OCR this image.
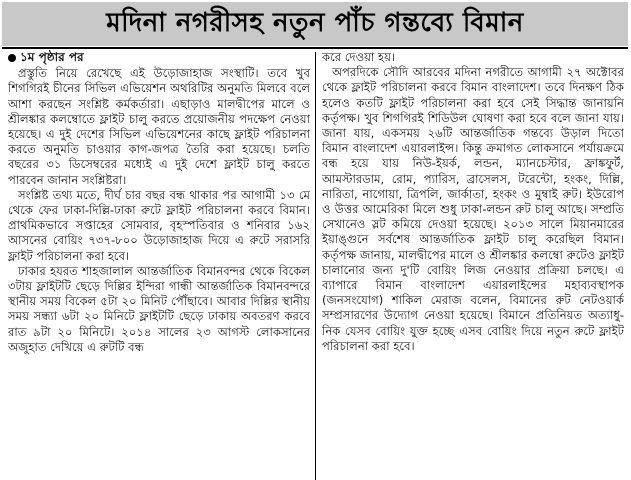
মদিনা নগরীসহ নতুন পাঁচ গন্তব্যে বিমান
১ম পৃষ্ঠার পর

প্রস্তুতি নিয়ে রেখেছে এই উড়োজাহাজ সংস্থাটি। তবে খুব শিগগিরই চীনের সিভিল এভিয়েশন অথরিটির অনুমতি মিলবে বলে আশা করছেন সংশ্লিষ্ট কর্মকর্তারা। এছাড়াও মালদ্বীপের মালে ও শ্রীলঙ্কার কলম্বোতে ফ্লাইট চালু করতে প্রয়োজনীয় পদক্ষেপ নেওয়া হয়েছে। এ দুই দেশের সিভিল এভিয়েশনের কাছে ফ্লাইট পরিচালনা করতে অনুমতি চাওয়ার কাগ-জপত্র তৈরি করা হয়েছে। চলতি বছরের ৩১ ডিসেম্বরের মধ্যেই এ দুই দেশে ফ্লাইট চালু করতে পারবেন জানান সংশ্লিষ্টরা।

সংশ্লিষ্ট তথ্য মতে, দীর্ঘ চার বছর বন্ধ থাকার পর আগামী ১৩ মে থেকে ফের ঢাকা-দিল্লি-ঢাকা রুটে ফ্লাইট পরিচালনা করবে বিমান। প্রাথমিকভাবে সপ্তাহের সোমবার, বৃহস্পতিবার ও শনিবার ১৬২ আসনের বোয়িং ৭৩৭-৮০০ উড়োজাহাজ দিয়ে এ রুটে সরাসরি ফ্লাইট পরিচালনা করা হবে।

ঢাকার হযরত শাহজালাল আন্তর্জাতিক বিমানবন্দর থেকে বিকেল ৩টায় ফ্লাইটটি ছেড়ে দিল্লির ইন্দিরা গান্ধী আন্তর্জাতিক বিমানবন্দরে স্থানীয় সময় বিকেল ৫টা ২০ মিনিট পৌঁছাবে। আবার দিল্লির স্থানীয় সময় সন্ধ্যা ৬টা ২০ মিনিটে ফ্লাইটটি ছেড়ে ঢাকায় অবতরণ করবে রাত ৯টা ২০ মিনিটে। ২০১৪ সালের ২৩ আগস্ট লোকসানের অজুহাত দেখিয়ে এ রুটটি বন্ধ

করে দেওয়া হয়।

অপরদিকে সৌদি আরবের মদিনা নগরীতে আগামী ২৭ অক্টোবর থেকে ফ্লাইট পরিচালনা করবে বিমান বাংলাদেশ। তবে দিনক্ষণ ঠিক হলেও কতটি ফ্লাইট পরিচালনা করা হবে সেই সিদ্ধান্ত জানায়নি কর্তৃপক্ষ। খুব শিগগিরই শিডিউল ঘোষণা করা হবে বলে জানা যায়। জানা যায়, একসময় ২৬টি আন্তর্জাতিক গন্তব্যে উড়াল দিতো বিমান বাংলাদেশ এয়ারলাইন্স। কিন্তু ক্রমাগত লোকসানে পর্যায়ক্রমে বন্ধ হয়ে যায় নিউ-ইয়র্ক, লন্ডন, ম্যানচেস্টার, ফ্রাঙ্কফুর্ট, আমস্টারডাম, রোম, প্যারিস, ব্রাসেলস, টরেন্টো, হংকং, দিল্লি, নারিতা, নাগোয়া, ত্রিপলি, জার্কাতা, হংকং ও মুম্বাই রুট। ইউরোপ ও উত্তর আমেরিকা মিলে শুধু ঢাকা-লন্ডন রুট চালু আছে। সম্প্রতি সেখানেও স্লট কমিয়ে দেওয়া হয়েছে। ২০১৩ সালে মিয়ানমারের ইয়াঙ্গুনে সর্বশেষ আন্তর্জাতিক ফ্লাইট চালু করেছিল বিমান। কর্তৃপক্ষ জানায়, মালদ্বীপের মালে ও শ্রীলঙ্কার কলম্বো রুটেও ফ্লাইট চালানোর জন্য দু'টি বোয়িং লিজ নেওয়ার প্রক্রিয়া চলছে। এ ব্যাপারে বিমান বাংলাদেশ এয়ারলাইন্সের মহাব্যবস্থাপক (জনসংযোগ) শাকিল মেরাজ বলেন, বিমানের রুট নেটওয়ার্ক সম্প্রসারণের উদ্যোগ নেওয়া হয়েছে। বিমানে প্রতিনিয়ত অত্যাধু-নিক যেসব বোয়িং যুক্ত হচ্ছে এসব বোয়িং দিয়ে নতুন রুটে ফ্লাইট পরিচালনা করা হবে।
